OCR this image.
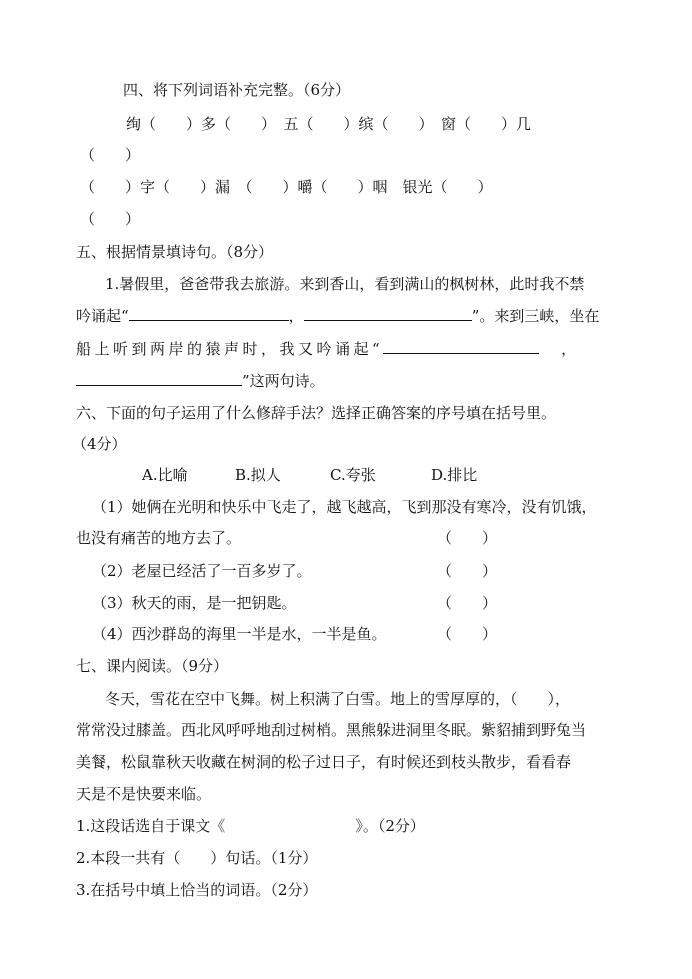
四、将下列词语补充完整。（6分）
绚（　　）多（　　）　五（　　）缤（　　）　窗（　　）几
（　　）
（　　）字（　　）漏　（　　）嚼（　　）咽　银光（　　）
（　　）
五、根据情景填诗句。（8分）
1.暑假里，爸爸带我去旅游。来到香山，看到满山的枫树林，此时我不禁
吟诵起“	，	”。来到三峡，坐在
船上听到两岸的猿声时，我又吟诵起“	，
”这两句诗。
六、下面的句子运用了什么修辞手法？选择正确答案的序号填在括号里。
（4分）
A.比喻	B.拟人	C.夸张	D.排比
（1）她俩在光明和快乐中飞走了，越飞越高，飞到那没有寒冷，没有饥饿，
也没有痛苦的地方去了。	（　　）
（2）老屋已经活了一百多岁了。	（　　）
（3）秋天的雨，是一把钥匙。	（　　）
（4）西沙群岛的海里一半是水，一半是鱼。	（　　）
七、课内阅读。（9分）
冬天，雪花在空中飞舞。树上积满了白雪。地上的雪厚厚的，（　　），
常常没过膝盖。西北风呼呼地刮过树梢。黑熊躲进洞里冬眠。紫貂捕到野兔当
美餐，松鼠靠秋天收藏在树洞的松子过日子，有时候还到枝头散步，看看春
天是不是快要来临。
1.这段话选自于课文《	》。（2分）
2.本段一共有（　　）句话。（1分）
3.在括号中填上恰当的词语。（2分）
